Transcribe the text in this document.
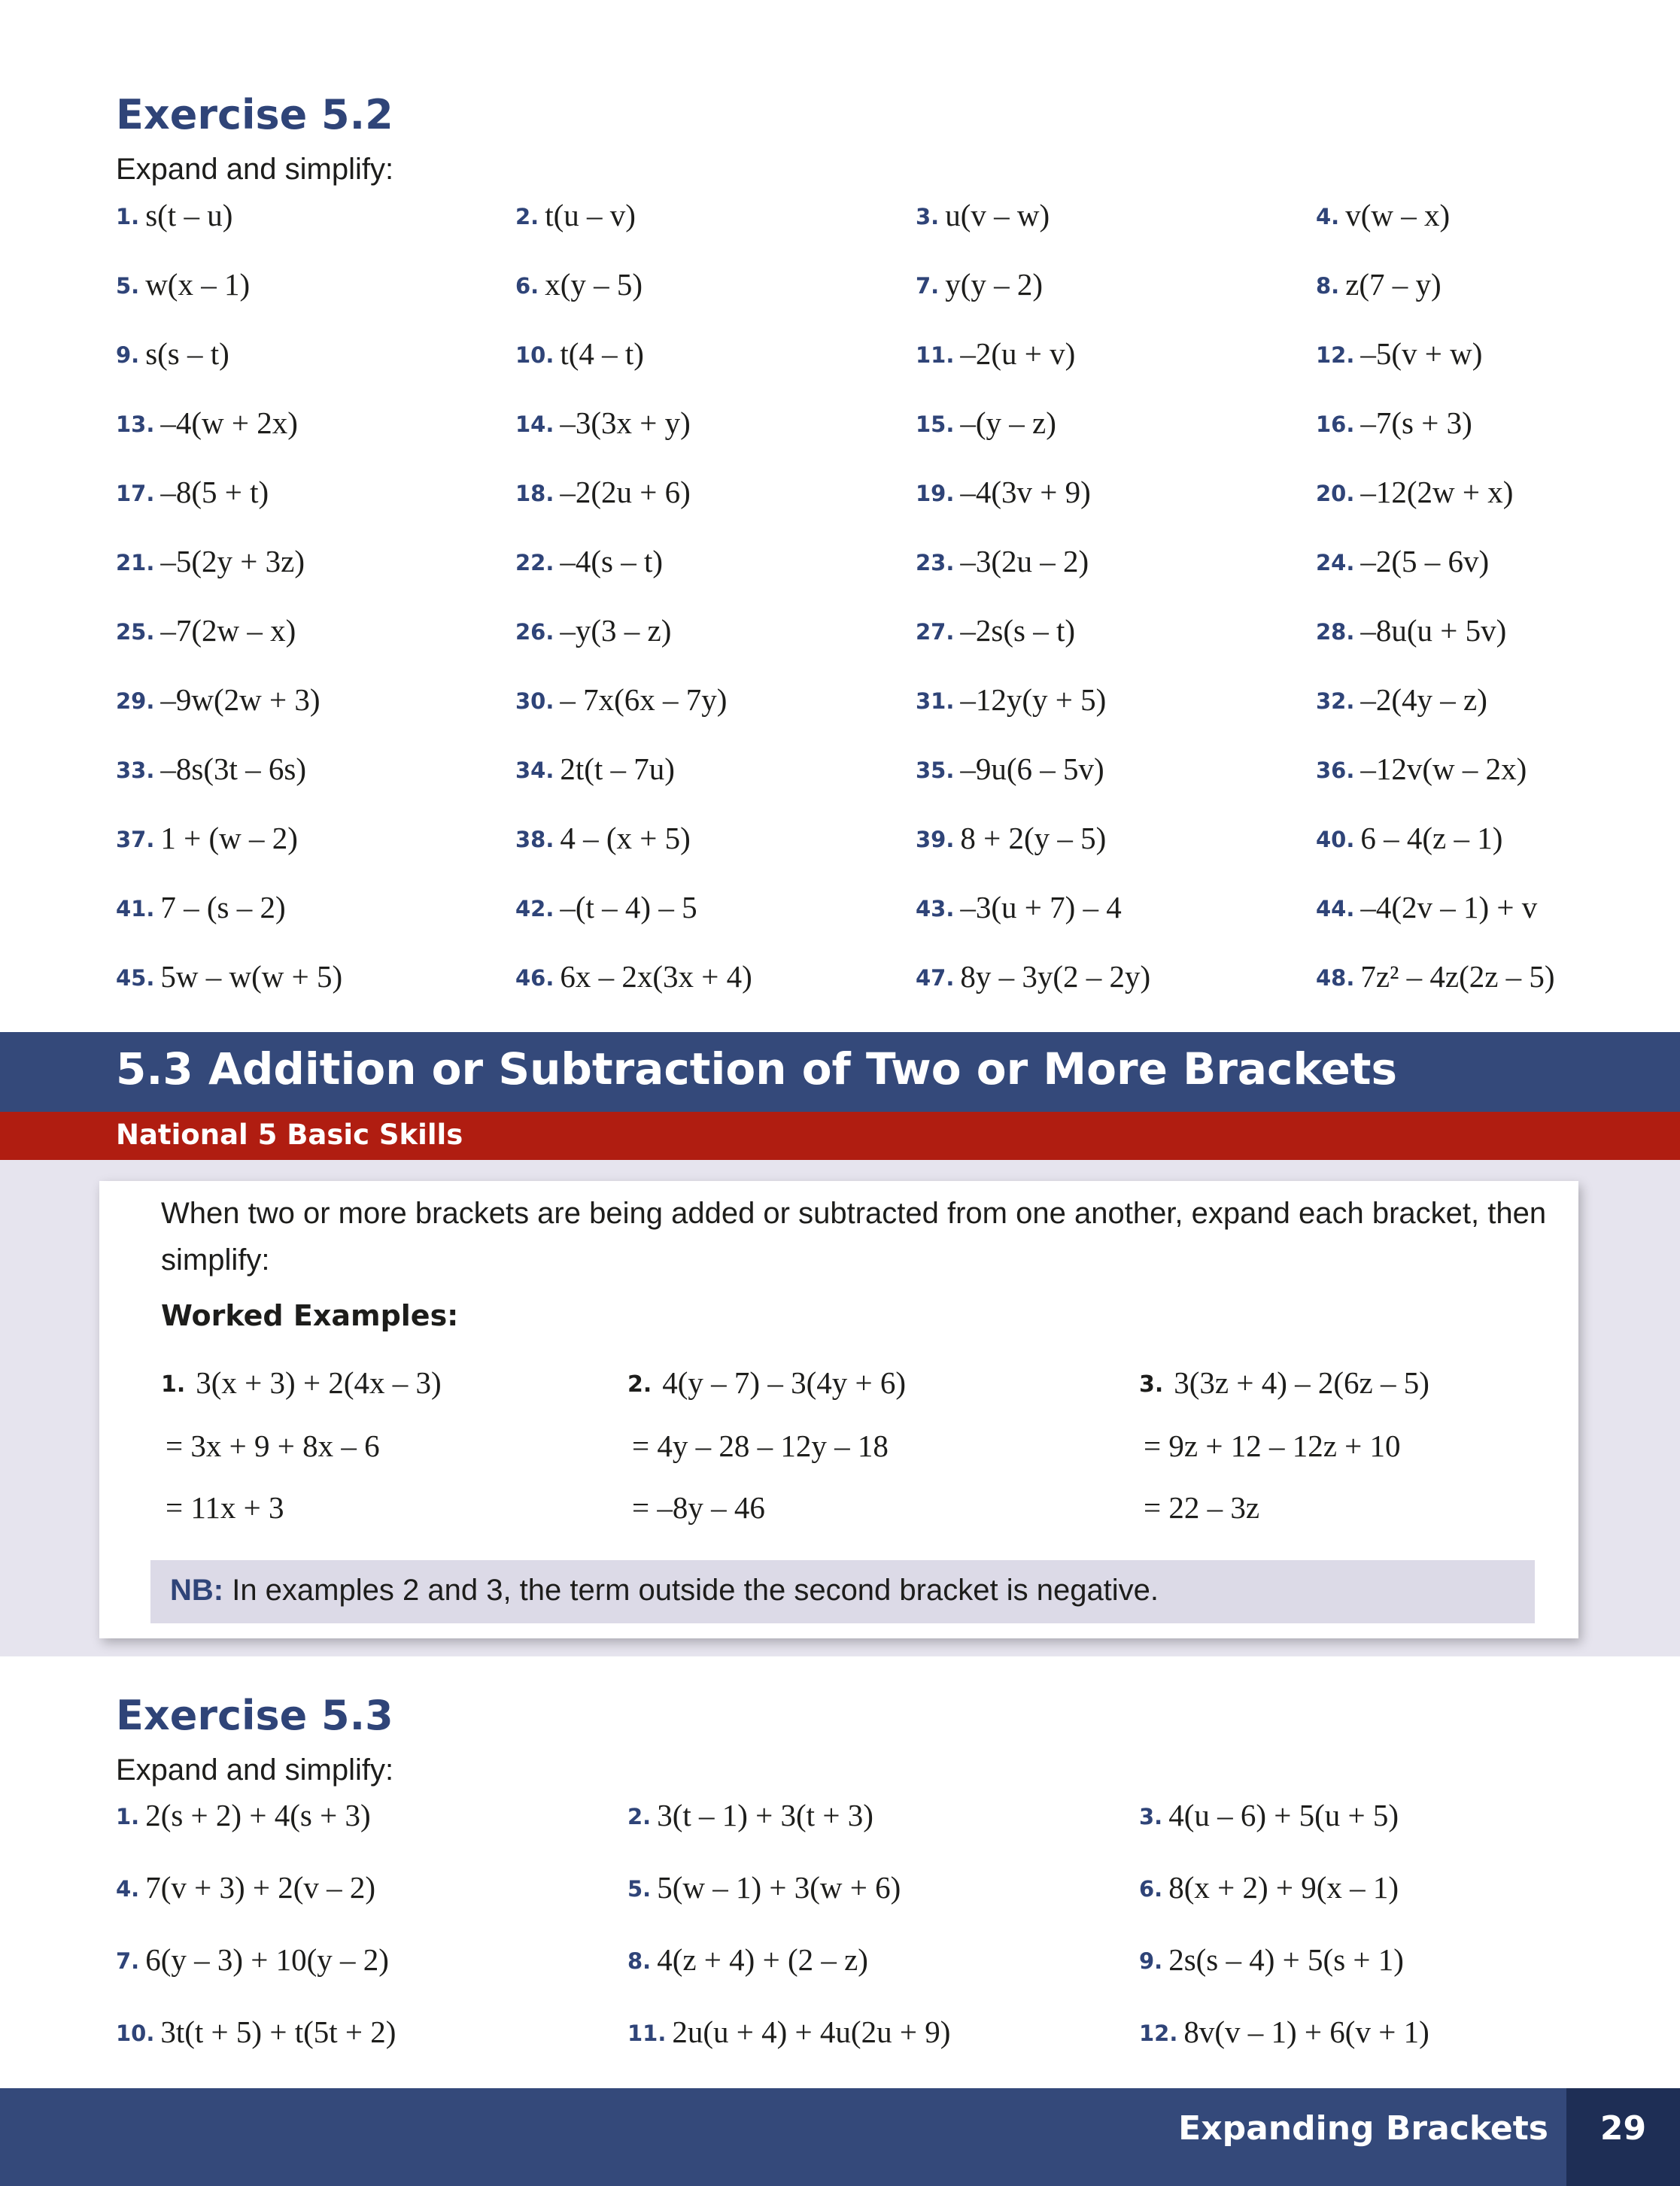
Exercise 5.2
Expand and simplify:
1. s(t – u)	2. t(u – v)	3. u(v – w)	4. v(w – x)
5. w(x – 1)	6. x(y – 5)	7. y(y – 2)	8. z(7 – y)
9. s(s – t)	10. t(4 – t)	11. –2(u + v)	12. –5(v + w)
13. –4(w + 2x)	14. –3(3x + y)	15. –(y – z)	16. –7(s + 3)
17. –8(5 + t)	18. –2(2u + 6)	19. –4(3v + 9)	20. –12(2w + x)
21. –5(2y + 3z)	22. –4(s – t)	23. –3(2u – 2)	24. –2(5 – 6v)
25. –7(2w – x)	26. –y(3 – z)	27. –2s(s – t)	28. –8u(u + 5v)
29. –9w(2w + 3)	30. – 7x(6x – 7y)	31. –12y(y + 5)	32. –2(4y – z)
33. –8s(3t – 6s)	34. 2t(t – 7u)	35. –9u(6 – 5v)	36. –12v(w – 2x)
37. 1 + (w – 2)	38. 4 – (x + 5)	39. 8 + 2(y – 5)	40. 6 – 4(z – 1)
41. 7 – (s – 2)	42. –(t – 4) – 5	43. –3(u + 7) – 4	44. –4(2v – 1) + v
45. 5w – w(w + 5)	46. 6x – 2x(3x + 4)	47. 8y – 3y(2 – 2y)	48. 7z² – 4z(2z – 5)
5.3 Addition or Subtraction of Two or More Brackets
National 5 Basic Skills
When two or more brackets are being added or subtracted from one another, expand each bracket, then simplify:
Worked Examples:
1. 3(x + 3) + 2(4x – 3)
= 3x + 9 + 8x – 6
= 11x + 3
2. 4(y – 7) – 3(4y + 6)
= 4y – 28 – 12y – 18
= –8y – 46
3. 3(3z + 4) – 2(6z – 5)
= 9z + 12 – 12z + 10
= 22 – 3z
NB: In examples 2 and 3, the term outside the second bracket is negative.
Exercise 5.3
Expand and simplify:
1. 2(s + 2) + 4(s + 3)	2. 3(t – 1) + 3(t + 3)	3. 4(u – 6) + 5(u + 5)
4. 7(v + 3) + 2(v – 2)	5. 5(w – 1) + 3(w + 6)	6. 8(x + 2) + 9(x – 1)
7. 6(y – 3) + 10(y – 2)	8. 4(z + 4) + (2 – z)	9. 2s(s – 4) + 5(s + 1)
10. 3t(t + 5) + t(5t + 2)	11. 2u(u + 4) + 4u(2u + 9)	12. 8v(v – 1) + 6(v + 1)
Expanding Brackets	29
